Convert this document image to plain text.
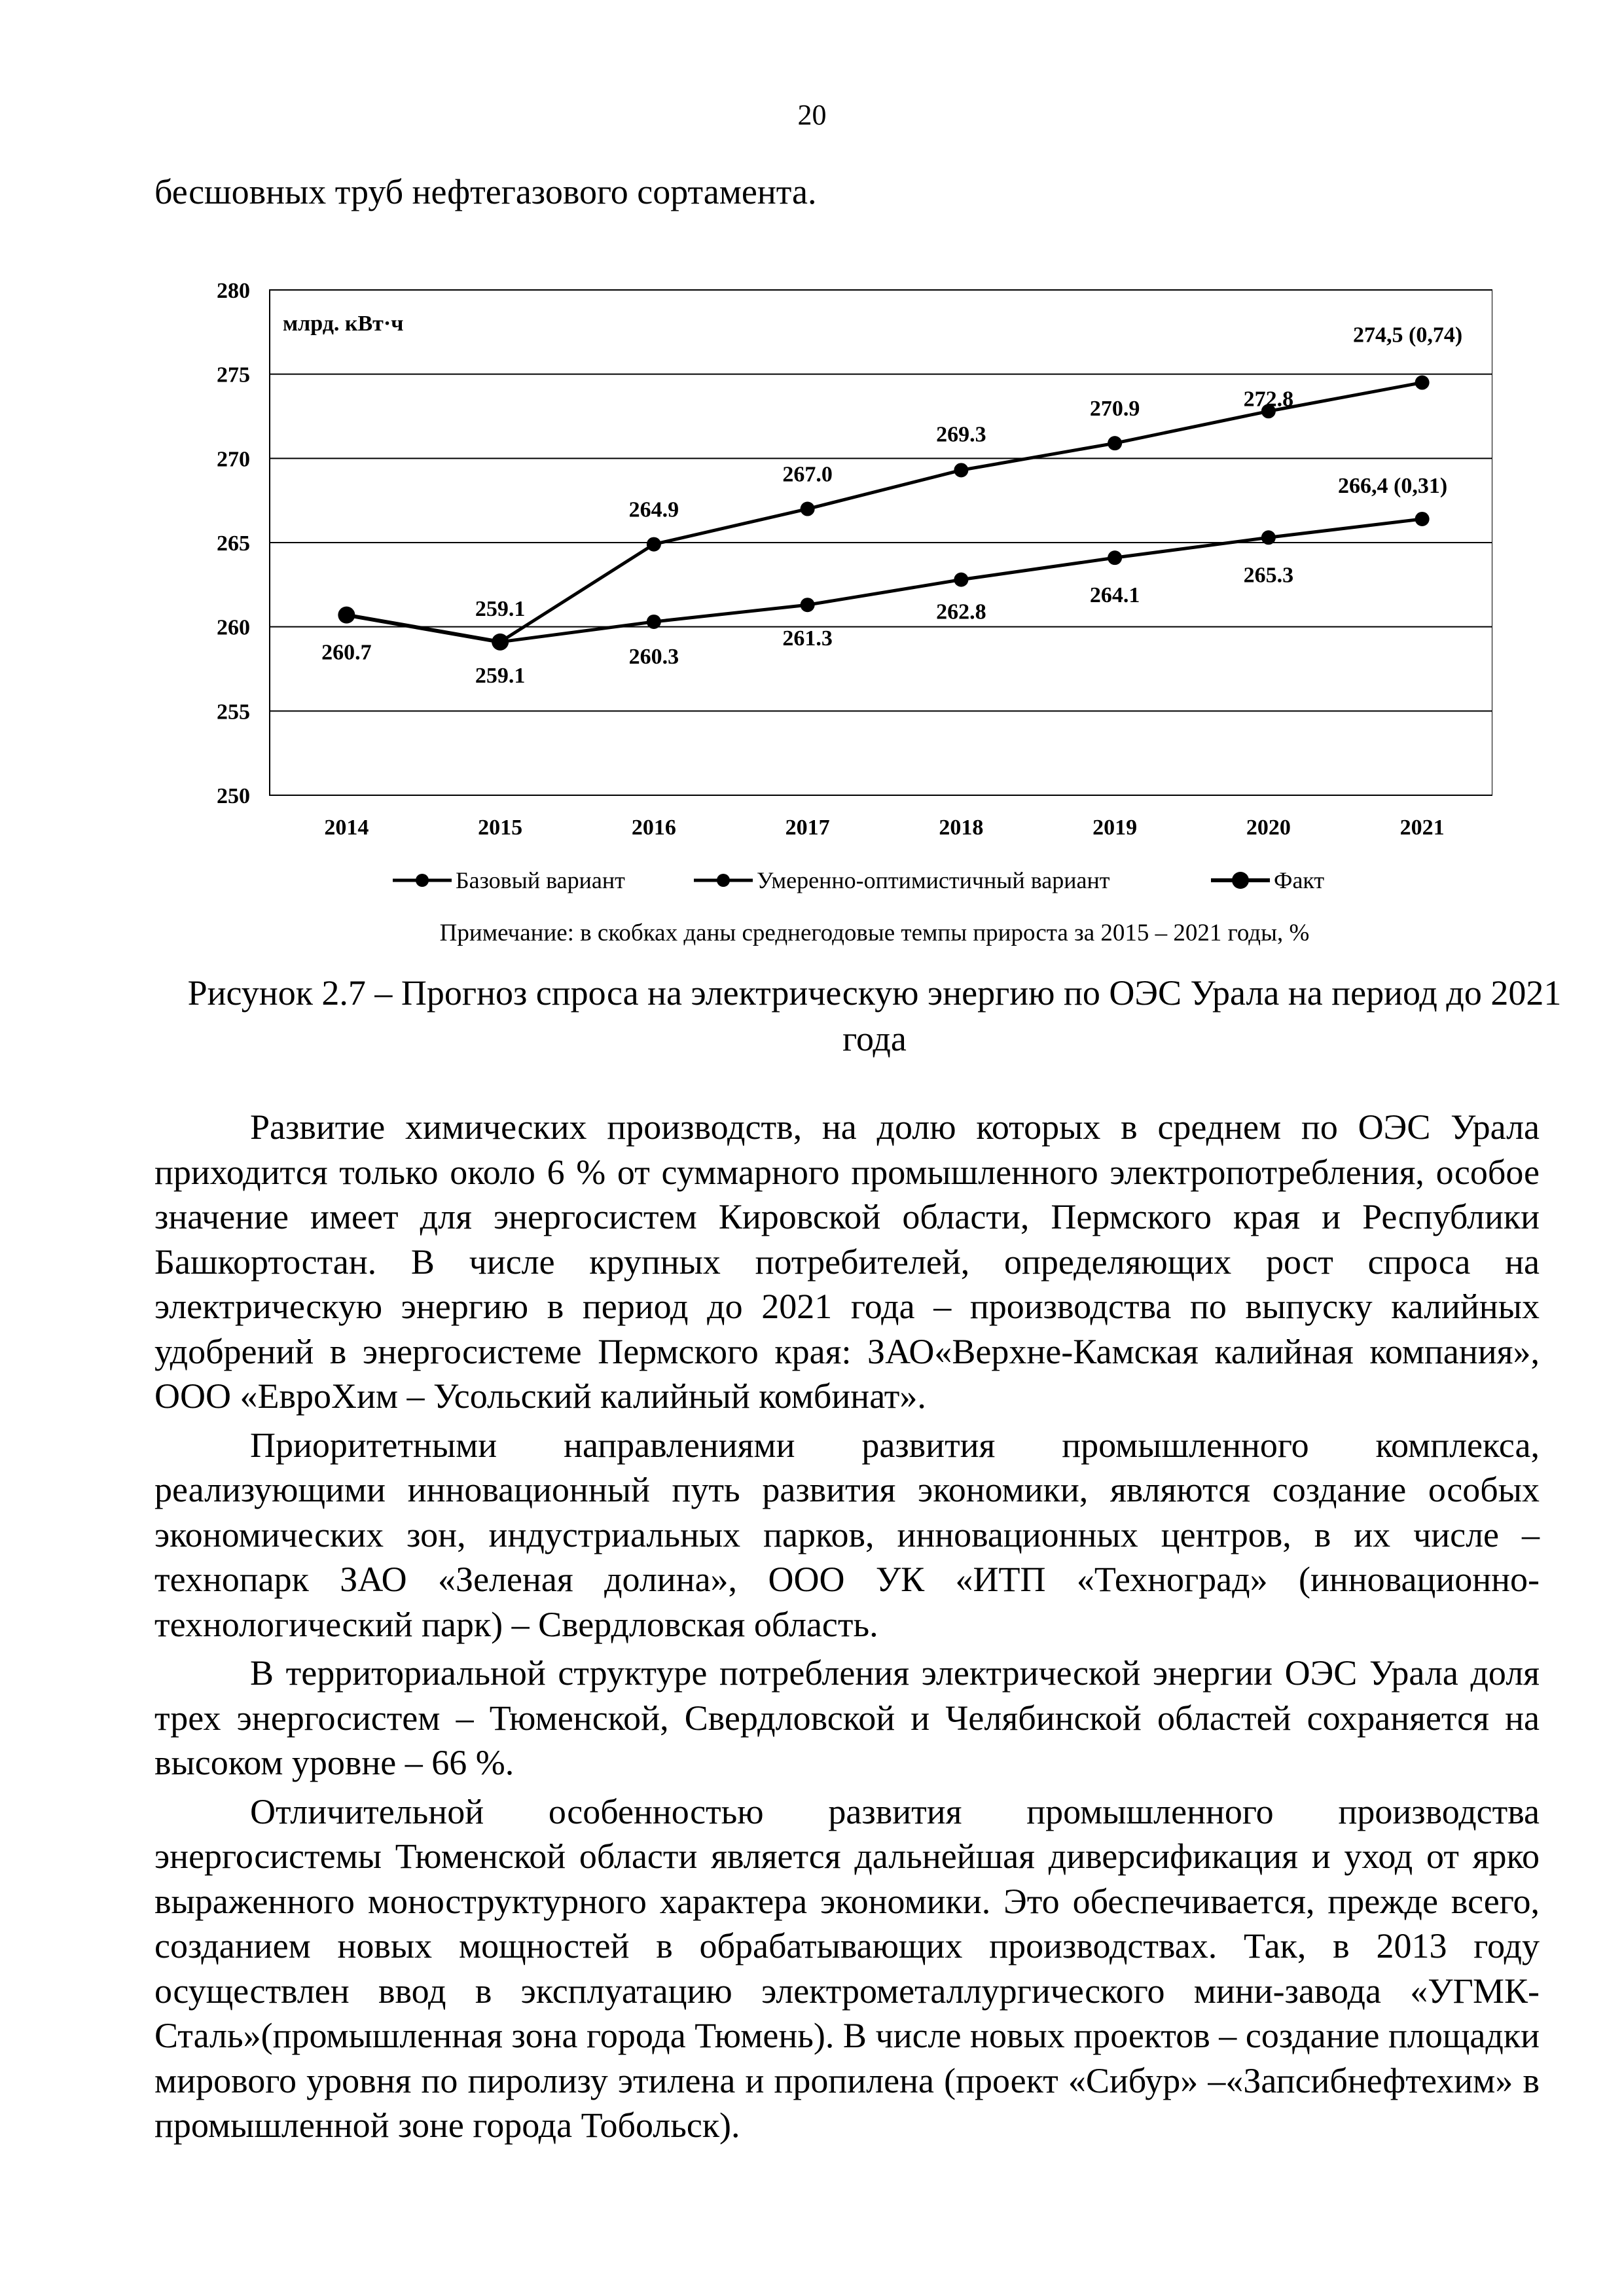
20
бесшовных труб нефтегазового сортамента.
250
255
260
265
270
275
280
2014	2015	2016	2017	2018	2019	2020	2021
млрд. кВт·ч
259.1
260.3
261.3
262.8
264.1
265.3
266,4 (0,31)
259.1
264.9
267.0
269.3
270.9	272.8
274,5 (0,74)
260.7
Базовый вариант	Умеренно-оптимистичный вариант	Факт
Примечание: в скобках даны среднегодовые темпы прироста за 2015 – 2021 годы, %
Рисунок 2.7 – Прогноз спроса на электрическую энергию по ОЭС Урала на период до 2021 года

Развитие химических производств, на долю которых в среднем по ОЭС Урала приходится только около 6 % от суммарного промышленного электропотребления, особое значение имеет для энергосистем Кировской области, Пермского края и Республики Башкортостан. В числе крупных потребителей, определяющих рост спроса на электрическую энергию в период до 2021 года – производства по выпуску калийных удобрений в энергосистеме Пермского края: ЗАО«Верхне-Камская калийная компания», ООО «ЕвроХим – Усольский калийный комбинат».

Приоритетными направлениями развития промышленного комплекса, реализующими инновационный путь развития экономики, являются создание особых экономических зон, индустриальных парков, инновационных центров, в их числе – технопарк ЗАО «Зеленая долина», ООО УК «ИТП «Техноград» (инновационно-технологический парк) – Свердловская область.

В территориальной структуре потребления электрической энергии ОЭС Урала доля трех энергосистем – Тюменской, Свердловской и Челябинской областей сохраняется на высоком уровне – 66 %.

Отличительной особенностью развития промышленного производства энергосистемы Тюменской области является дальнейшая диверсификация и уход от ярко выраженного моноструктурного характера экономики. Это обеспечивается, прежде всего, созданием новых мощностей в обрабатывающих производствах. Так, в 2013 году осуществлен ввод в эксплуатацию электрометаллургического мини-завода «УГМК-Сталь»(промышленная зона города Тюмень). В числе новых проектов – создание площадки мирового уровня по пиролизу этилена и пропилена (проект «Сибур» –«Запсибнефтехим» в промышленной зоне города Тобольск).
